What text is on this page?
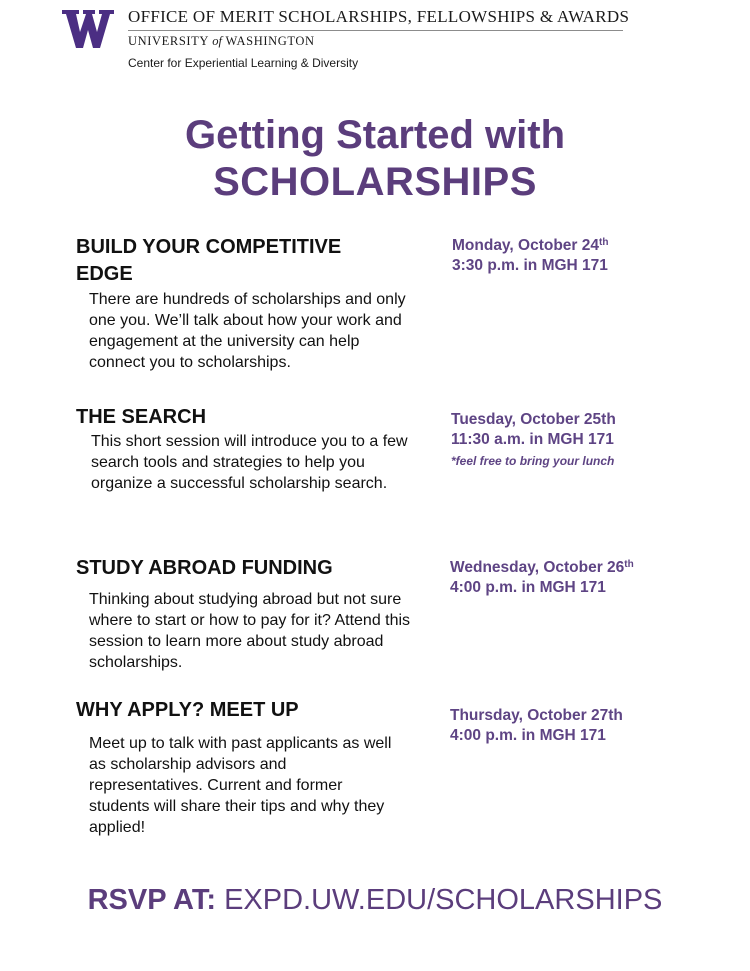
OFFICE OF MERIT SCHOLARSHIPS, FELLOWSHIPS & AWARDS
UNIVERSITY of WASHINGTON
Center for Experiential Learning & Diversity
Getting Started with
SCHOLARSHIPS
BUILD YOUR COMPETITIVE
EDGE
There are hundreds of scholarships and only one you. We’ll talk about how your work and engagement at the university can help connect you to scholarships.
Monday, October 24th
3:30 p.m. in MGH 171
THE SEARCH
This short session will introduce you to a few search tools and strategies to help you organize a successful scholarship search.
Tuesday, October 25th
11:30 a.m. in MGH 171
*feel free to bring your lunch
STUDY ABROAD FUNDING
Thinking about studying abroad but not sure where to start or how to pay for it? Attend this session to learn more about study abroad scholarships.
Wednesday, October 26th
4:00 p.m. in MGH 171
WHY APPLY? MEET UP
Meet up to talk with past applicants as well as scholarship advisors and representatives. Current and former students will share their tips and why they applied!
Thursday, October 27th
4:00 p.m. in MGH 171
RSVP AT: EXPD.UW.EDU/SCHOLARSHIPS
